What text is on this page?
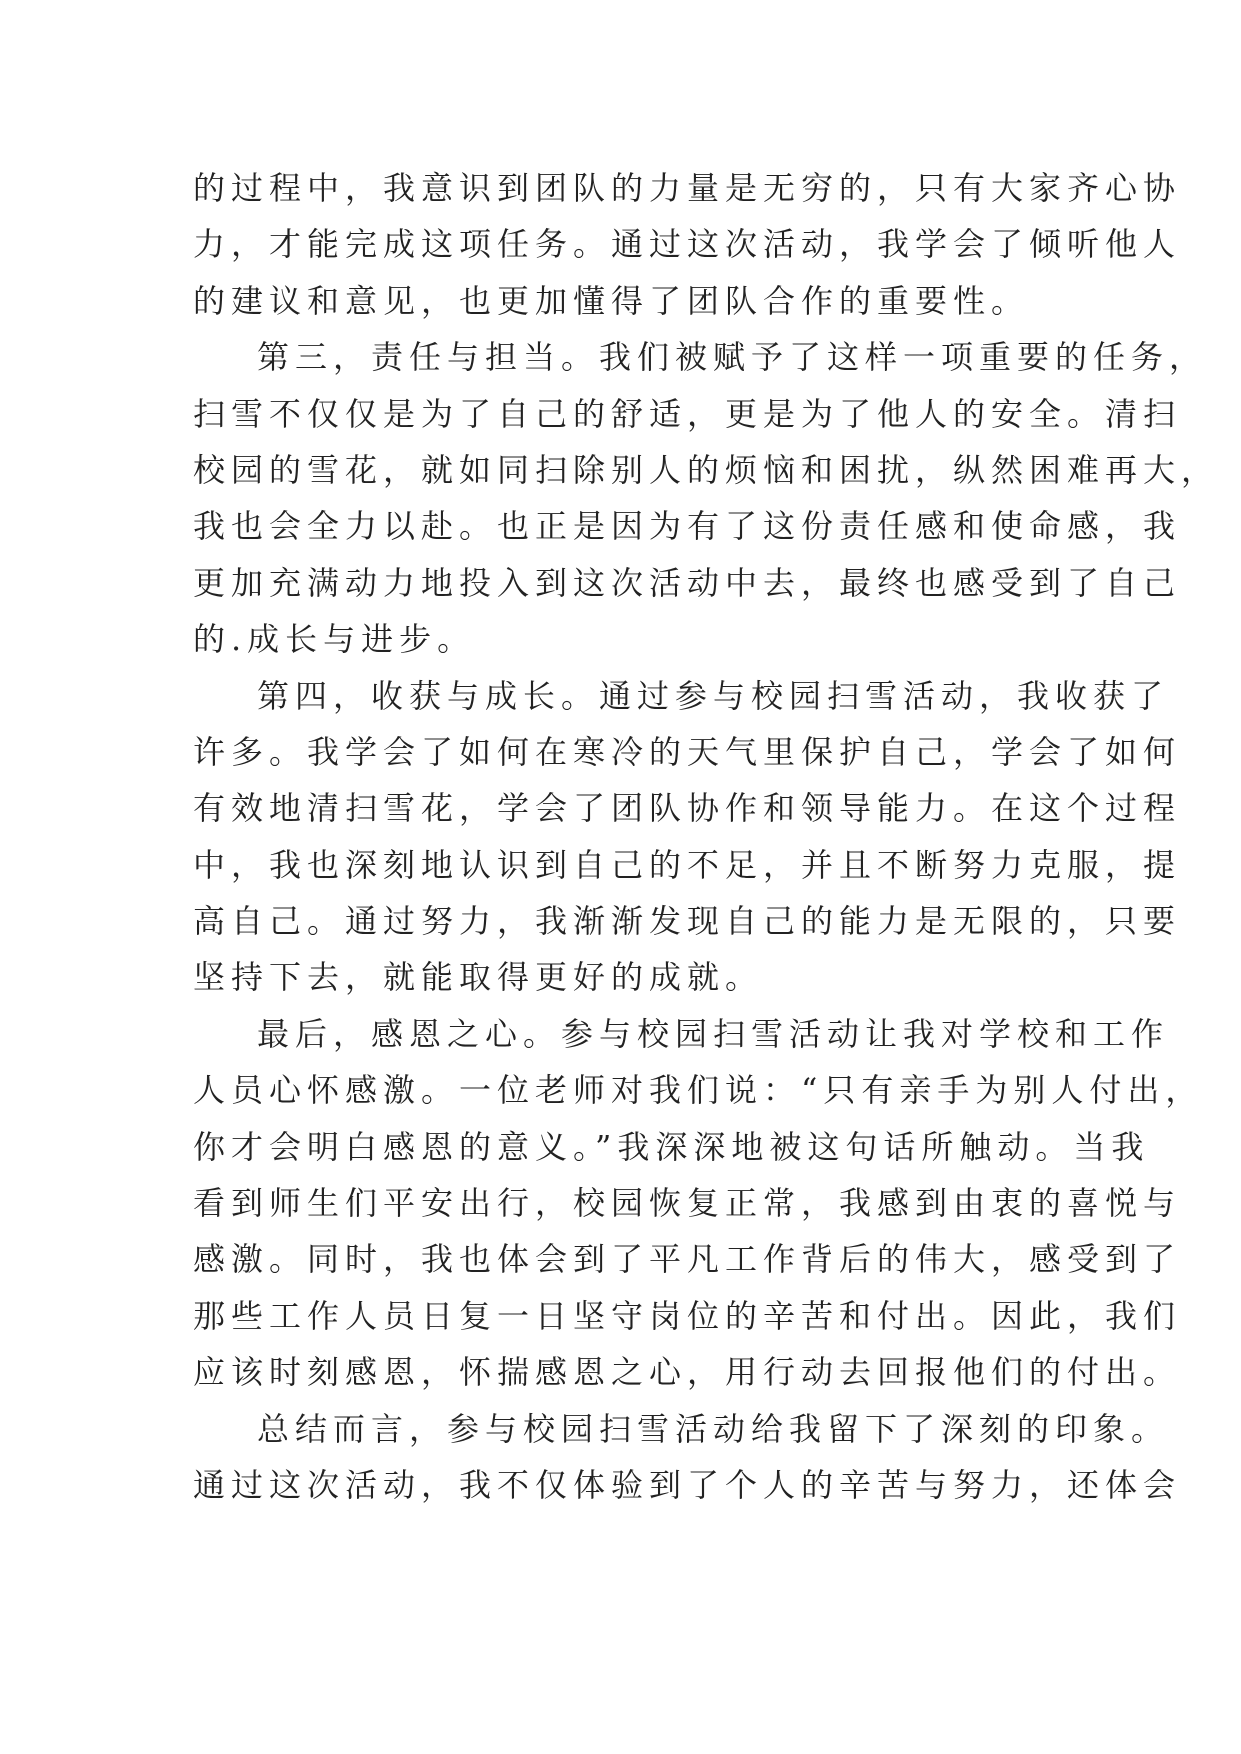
的过程中，我意识到团队的力量是无穷的，只有大家齐心协
力，才能完成这项任务。通过这次活动，我学会了倾听他人
的建议和意见，也更加懂得了团队合作的重要性。
第三，责任与担当。我们被赋予了这样一项重要的任务，
扫雪不仅仅是为了自己的舒适，更是为了他人的安全。清扫
校园的雪花，就如同扫除别人的烦恼和困扰，纵然困难再大，
我也会全力以赴。也正是因为有了这份责任感和使命感，我
更加充满动力地投入到这次活动中去，最终也感受到了自己
的.成长与进步。
第四，收获与成长。通过参与校园扫雪活动，我收获了
许多。我学会了如何在寒冷的天气里保护自己，学会了如何
有效地清扫雪花，学会了团队协作和领导能力。在这个过程
中，我也深刻地认识到自己的不足，并且不断努力克服，提
高自己。通过努力，我渐渐发现自己的能力是无限的，只要
坚持下去，就能取得更好的成就。
最后，感恩之心。参与校园扫雪活动让我对学校和工作
人员心怀感激。一位老师对我们说：“只有亲手为别人付出，
你才会明白感恩的意义。”我深深地被这句话所触动。当我
看到师生们平安出行，校园恢复正常，我感到由衷的喜悦与
感激。同时，我也体会到了平凡工作背后的伟大，感受到了
那些工作人员日复一日坚守岗位的辛苦和付出。因此，我们
应该时刻感恩，怀揣感恩之心，用行动去回报他们的付出。
总结而言，参与校园扫雪活动给我留下了深刻的印象。
通过这次活动，我不仅体验到了个人的辛苦与努力，还体会
